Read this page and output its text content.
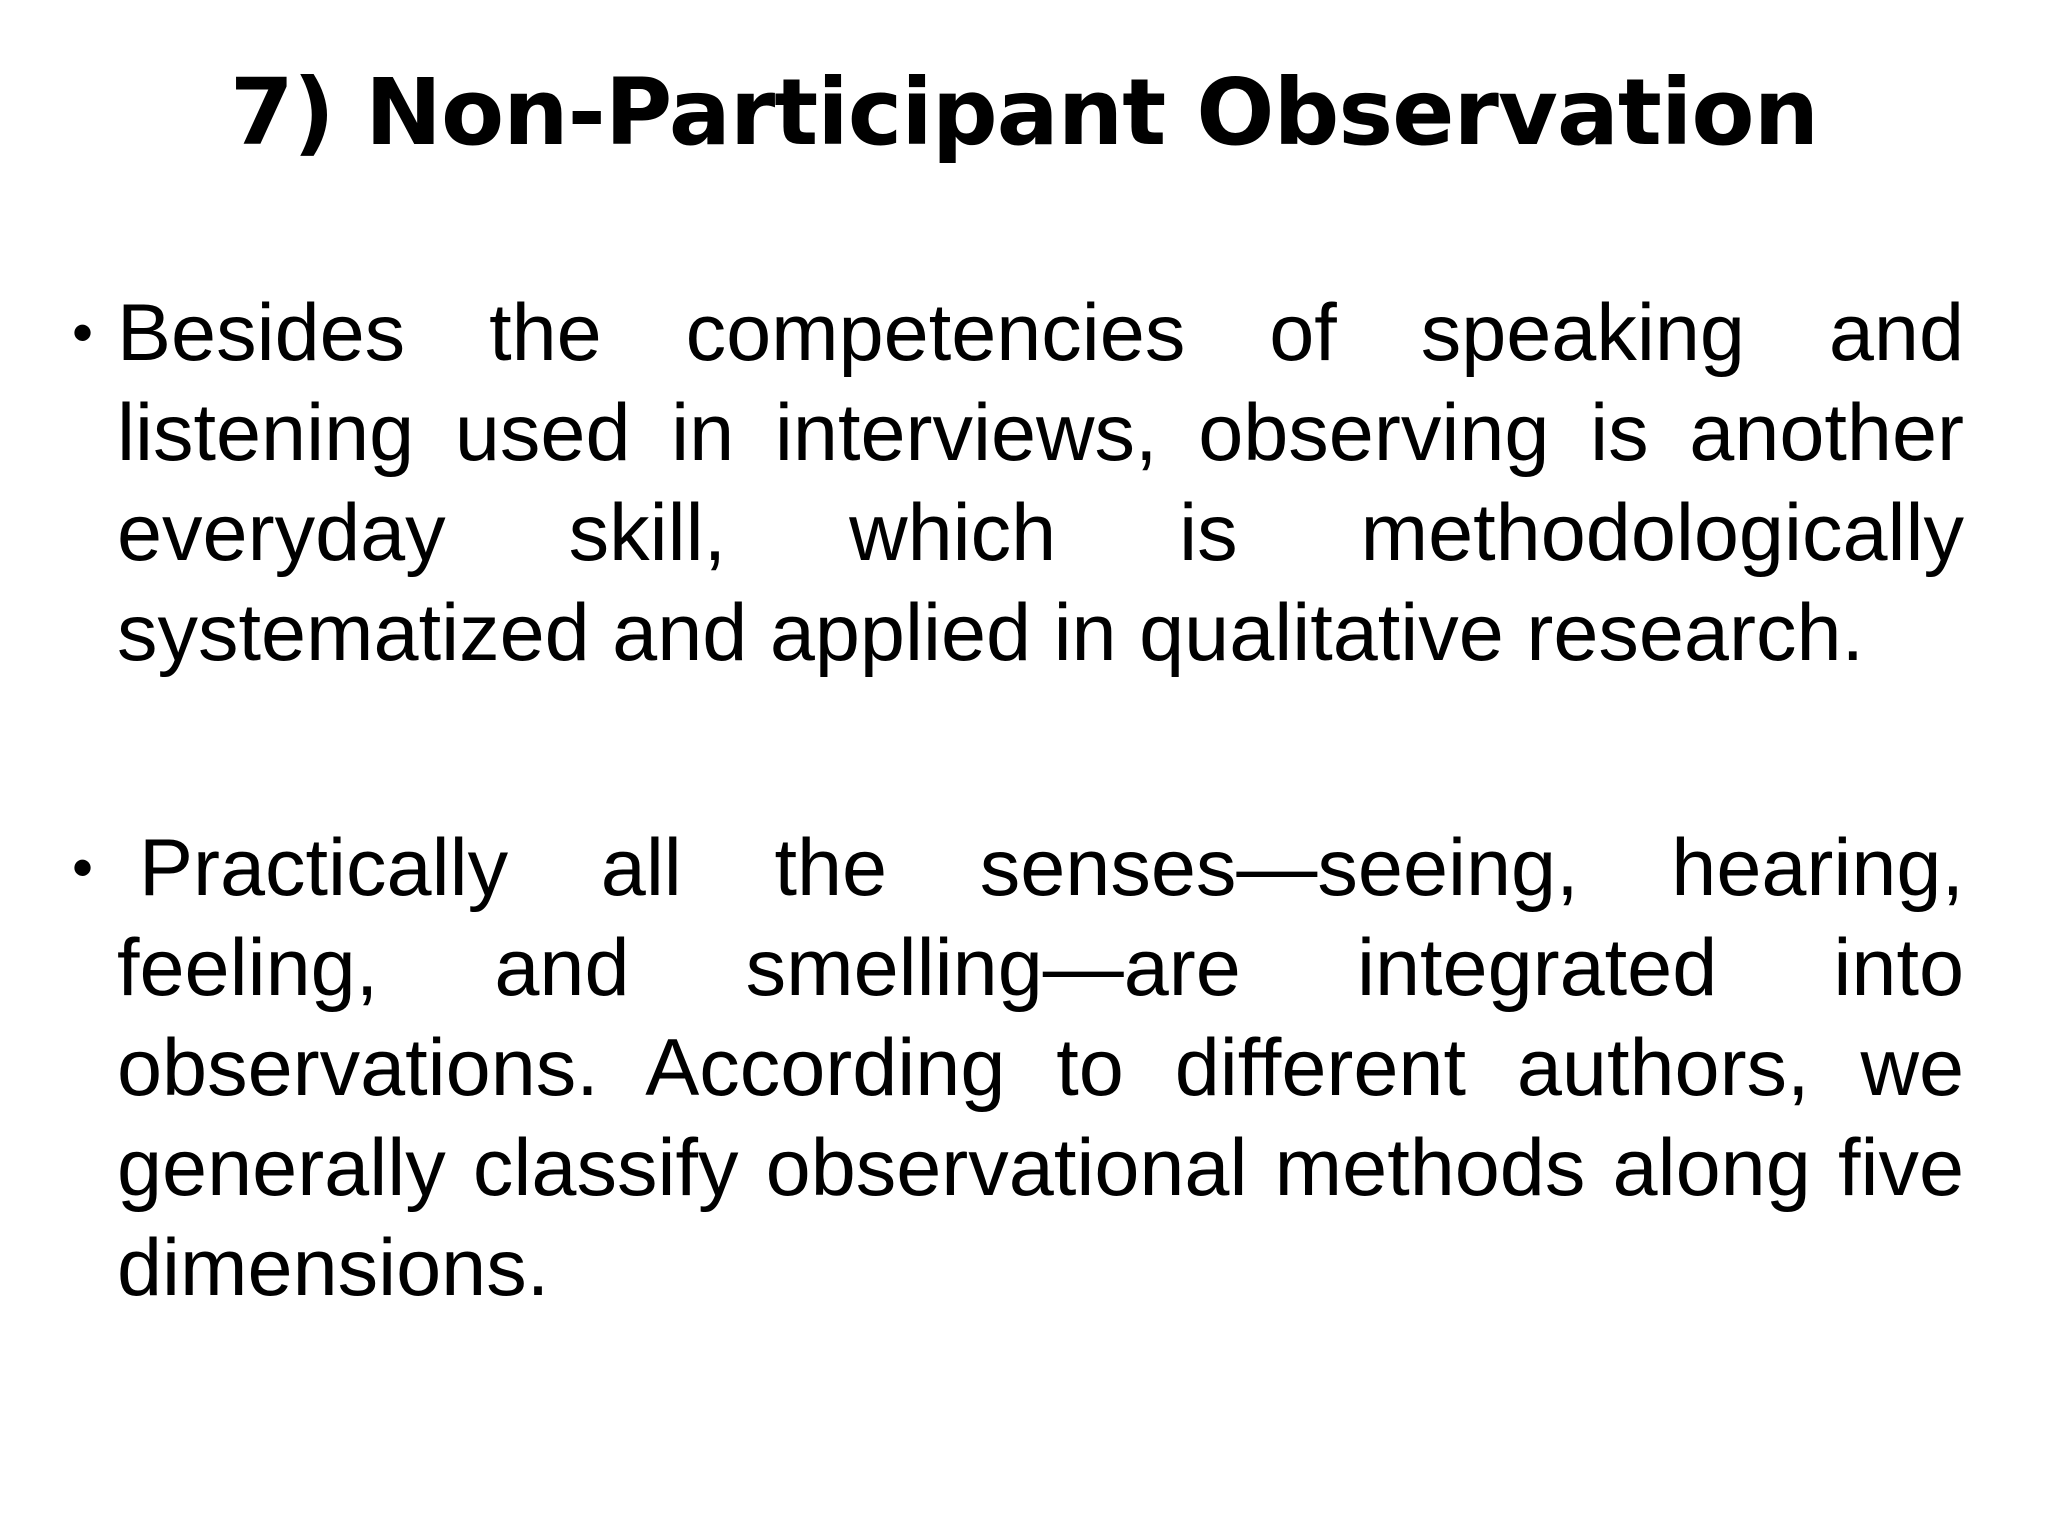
7) Non-Participant Observation
• Besides the competencies of speaking and listening used in interviews, observing is another everyday skill, which is methodologically systematized and applied in qualitative research.
• Practically all the senses—seeing, hearing, feeling, and smelling—are integrated into observations. According to different authors, we generally classify observational methods along five dimensions.
